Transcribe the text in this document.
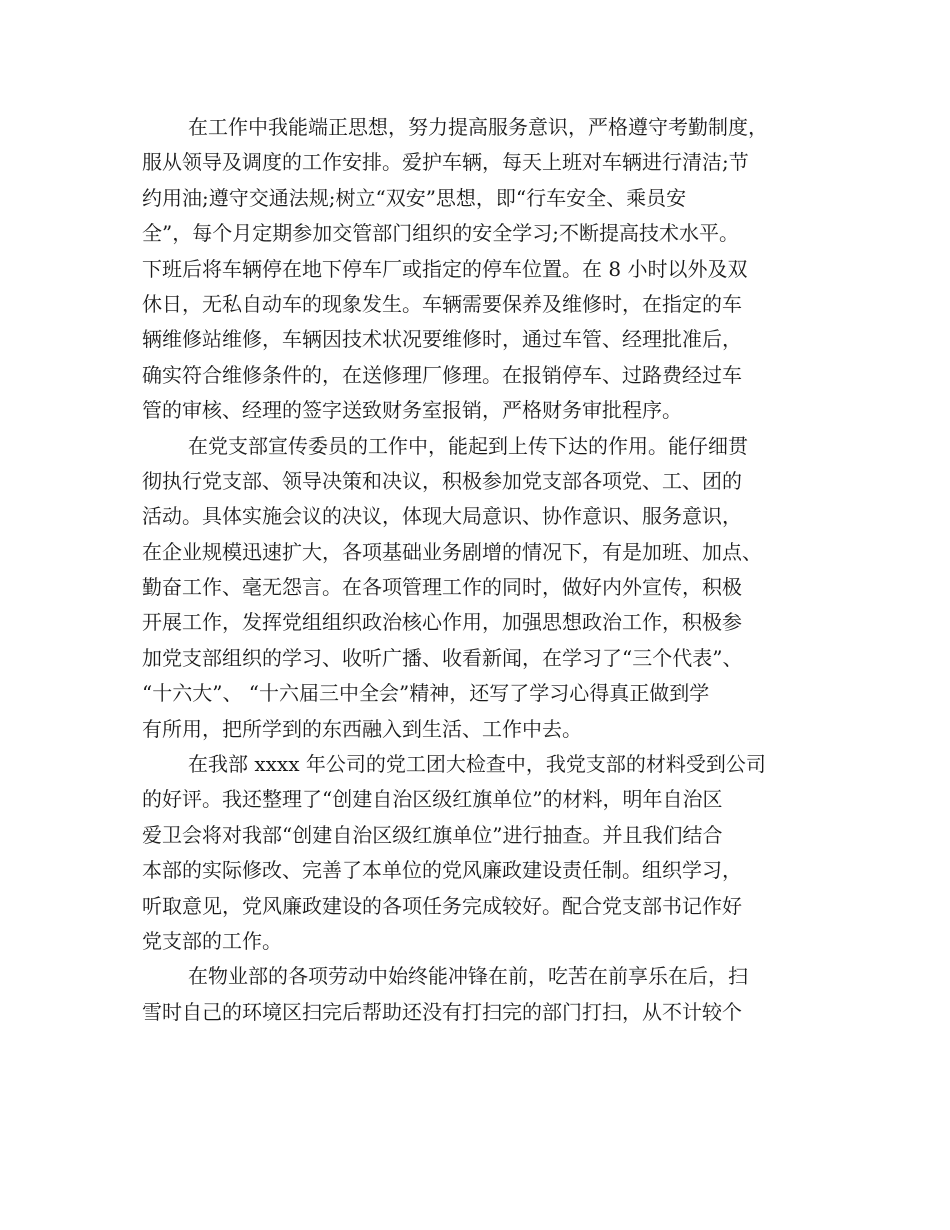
在工作中我能端正思想，努力提高服务意识，严格遵守考勤制度，
服从领导及调度的工作安排。爱护车辆，每天上班对车辆进行清洁;节
约用油;遵守交通法规;树立“双安”思想，即“行车安全、乘员安
全”，每个月定期参加交管部门组织的安全学习;不断提高技术水平。
下班后将车辆停在地下停车厂或指定的停车位置。在 8 小时以外及双
休日，无私自动车的现象发生。车辆需要保养及维修时，在指定的车
辆维修站维修，车辆因技术状况要维修时，通过车管、经理批准后，
确实符合维修条件的，在送修理厂修理。在报销停车、过路费经过车
管的审核、经理的签字送致财务室报销，严格财务审批程序。
在党支部宣传委员的工作中，能起到上传下达的作用。能仔细贯
彻执行党支部、领导决策和决议，积极参加党支部各项党、工、团的
活动。具体实施会议的决议，体现大局意识、协作意识、服务意识，
在企业规模迅速扩大，各项基础业务剧增的情况下，有是加班、加点、
勤奋工作、毫无怨言。在各项管理工作的同时，做好内外宣传，积极
开展工作，发挥党组组织政治核心作用，加强思想政治工作，积极参
加党支部组织的学习、收听广播、收看新闻，在学习了“三个代表”、
“十六大”、 “十六届三中全会”精神，还写了学习心得真正做到学
有所用，把所学到的东西融入到生活、工作中去。
在我部 xxxx 年公司的党工团大检查中，我党支部的材料受到公司
的好评。我还整理了“创建自治区级红旗单位”的材料，明年自治区
爱卫会将对我部“创建自治区级红旗单位”进行抽查。并且我们结合
本部的实际修改、完善了本单位的党风廉政建设责任制。组织学习，
听取意见，党风廉政建设的各项任务完成较好。配合党支部书记作好
党支部的工作。
在物业部的各项劳动中始终能冲锋在前，吃苦在前享乐在后，扫
雪时自己的环境区扫完后帮助还没有打扫完的部门打扫，从不计较个
